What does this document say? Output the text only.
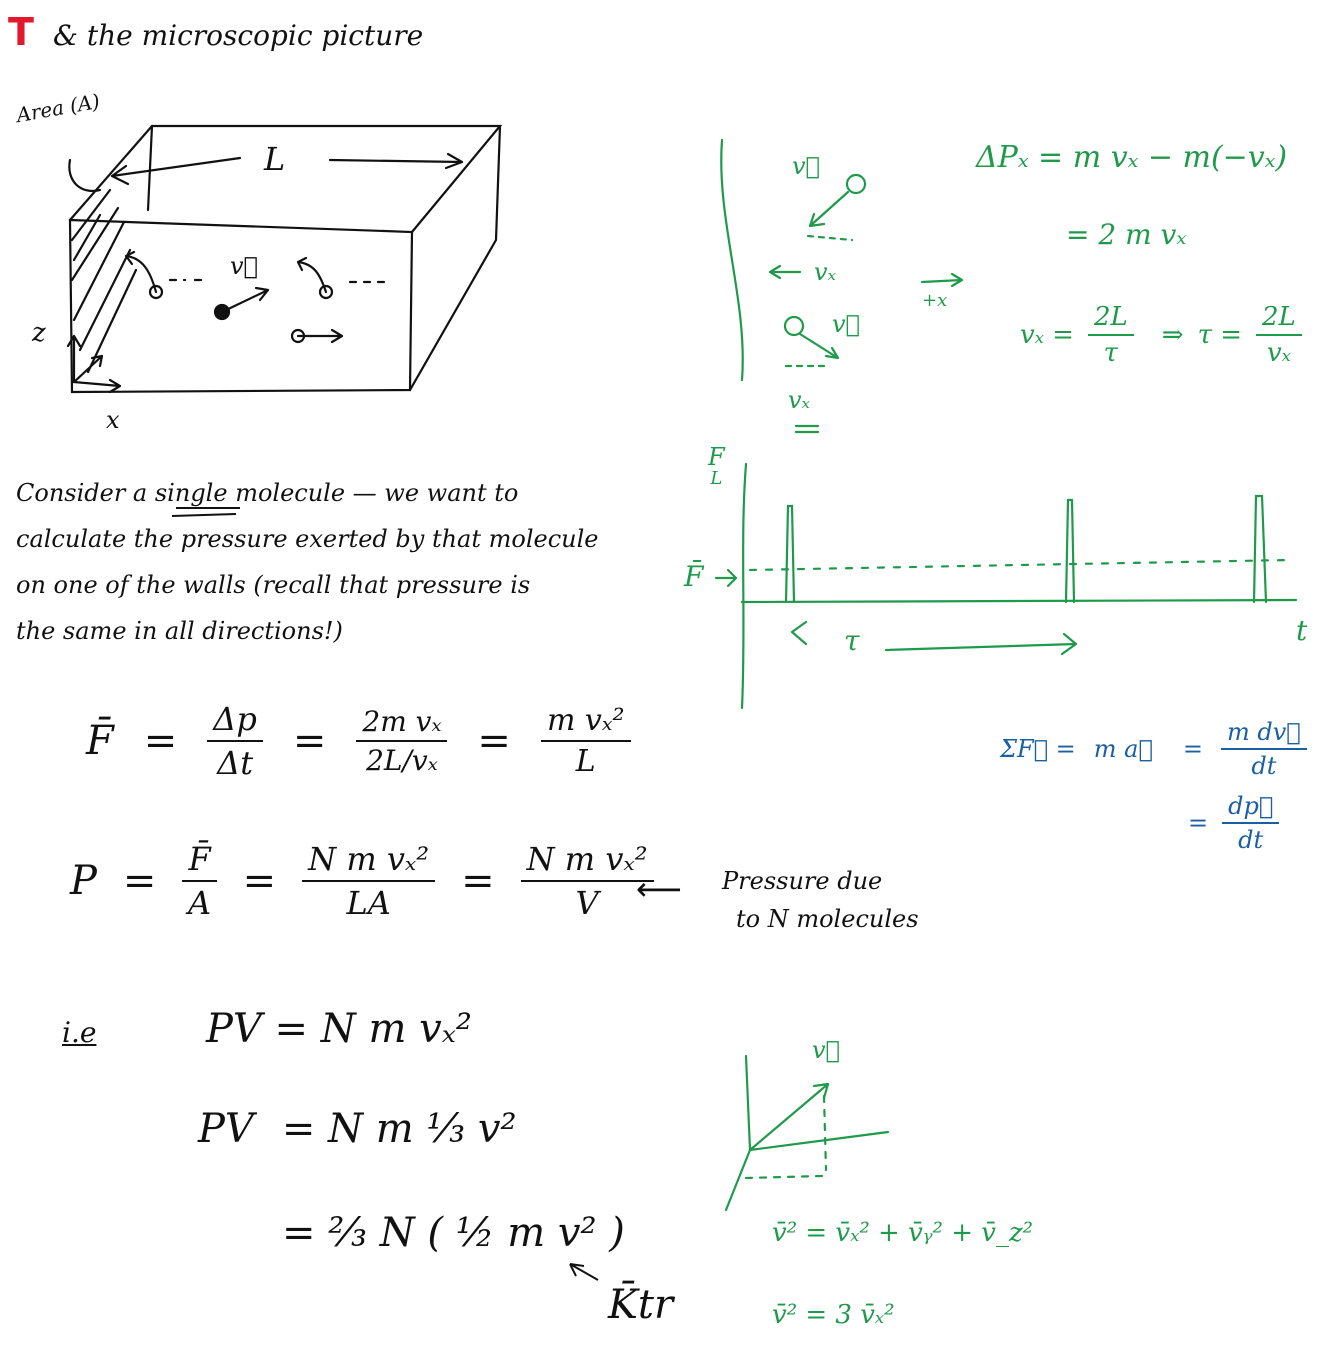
T & the microscopic picture
Area (A)
L
v⃗
z
x
Consider a single molecule — we want to
calculate the pressure exerted by that molecule
on one of the walls (recall that pressure is
the same in all directions!)
F̄ = $\frac{\Delta p}{\Delta t} = \frac{\text{2m vₓ}}{\text{2L/vₓ}} = \frac{\text{m vₓ²}}{L}$
$P = \frac{F̄}{A} = \frac{\text{N m vₓ²}}{LA} = \frac{\text{N m vₓ²}}{V}$
⟵ Pressure due
to N molecules
i.e	PV = N m vₓ²
PV = N m ⅓ v²
= ⅔ N ( ½ m v² )
K̄tr
v⃗
vₓ
+x
v⃗
vₓ
ΔPₓ = m vₓ − m(−vₓ)
= 2 m vₓ
$v_x = \frac{2L}{\tau}$ ⇒ $\tau = \frac{2L}{\text{vₓ}}$
F
L
F̄
τ	t
ΣF⃗ = m a⃗ = $\frac{\text{m dv⃗}}{dt}$
= $\frac{dp⃗}{dt}$
v⃗
v̄² = v̄ₓ² + v̄ᵧ² + v̄_z²
v̄² = 3 v̄ₓ²
